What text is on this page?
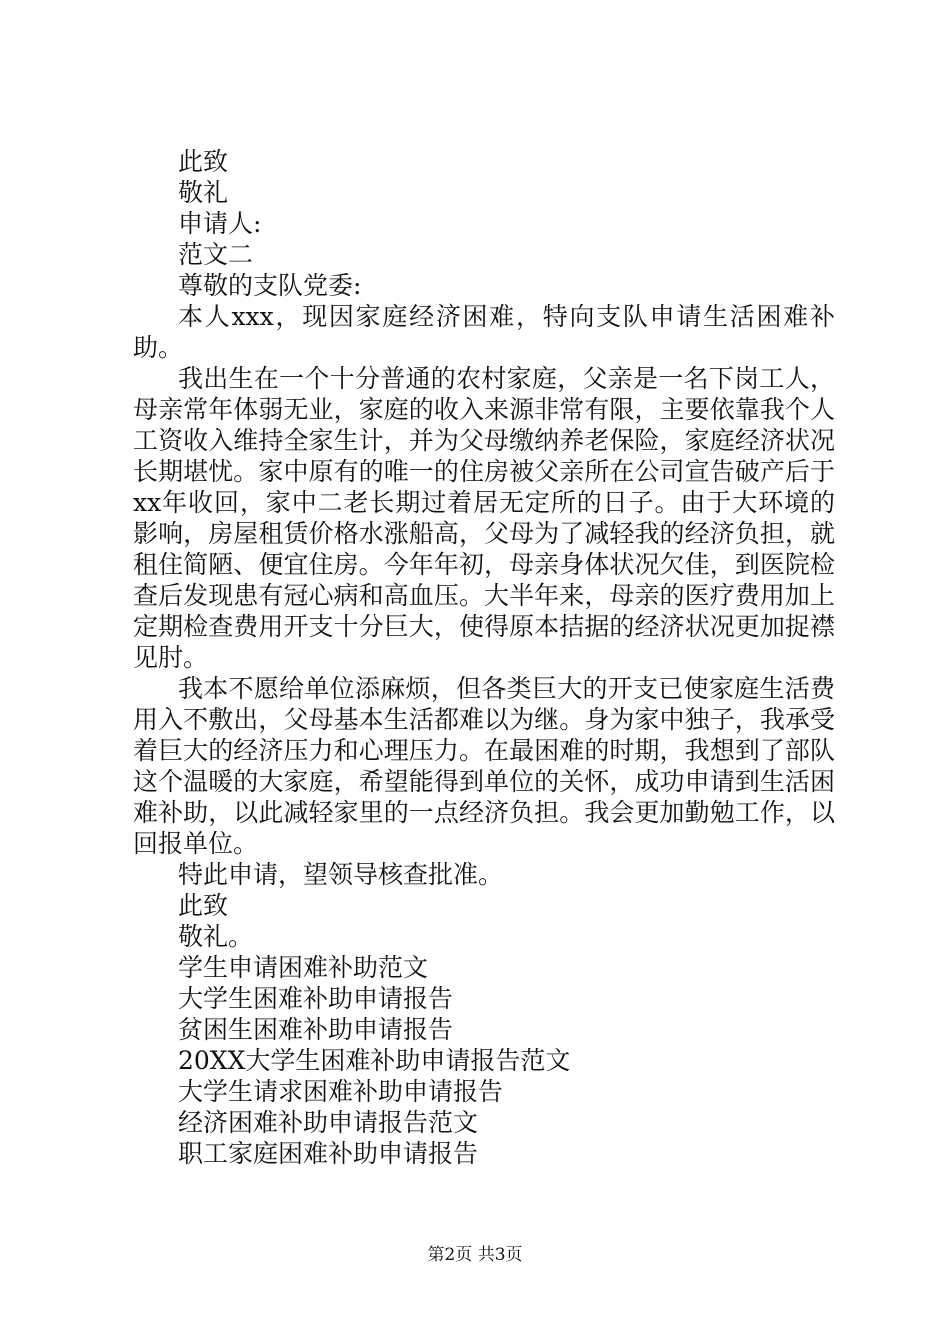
此致

敬礼

申请人:

范文二

尊敬的支队党委:

本人xxx，现因家庭经济困难，特向支队申请生活困难补助。

我出生在一个十分普通的农村家庭，父亲是一名下岗工人，母亲常年体弱无业，家庭的收入来源非常有限，主要依靠我个人工资收入维持全家生计，并为父母缴纳养老保险，家庭经济状况长期堪忧。家中原有的唯一的住房被父亲所在公司宣告破产后于xx年收回，家中二老长期过着居无定所的日子。由于大环境的影响，房屋租赁价格水涨船高，父母为了减轻我的经济负担，就租住简陋、便宜住房。今年年初，母亲身体状况欠佳，到医院检查后发现患有冠心病和高血压。大半年来，母亲的医疗费用加上定期检查费用开支十分巨大，使得原本拮据的经济状况更加捉襟见肘。

我本不愿给单位添麻烦，但各类巨大的开支已使家庭生活费用入不敷出，父母基本生活都难以为继。身为家中独子，我承受着巨大的经济压力和心理压力。在最困难的时期，我想到了部队这个温暖的大家庭，希望能得到单位的关怀，成功申请到生活困难补助，以此减轻家里的一点经济负担。我会更加勤勉工作，以回报单位。

特此申请，望领导核查批准。

此致

敬礼。

学生申请困难补助范文

大学生困难补助申请报告

贫困生困难补助申请报告

20XX大学生困难补助申请报告范文

大学生请求困难补助申请报告

经济困难补助申请报告范文

职工家庭困难补助申请报告

第2页 共3页
